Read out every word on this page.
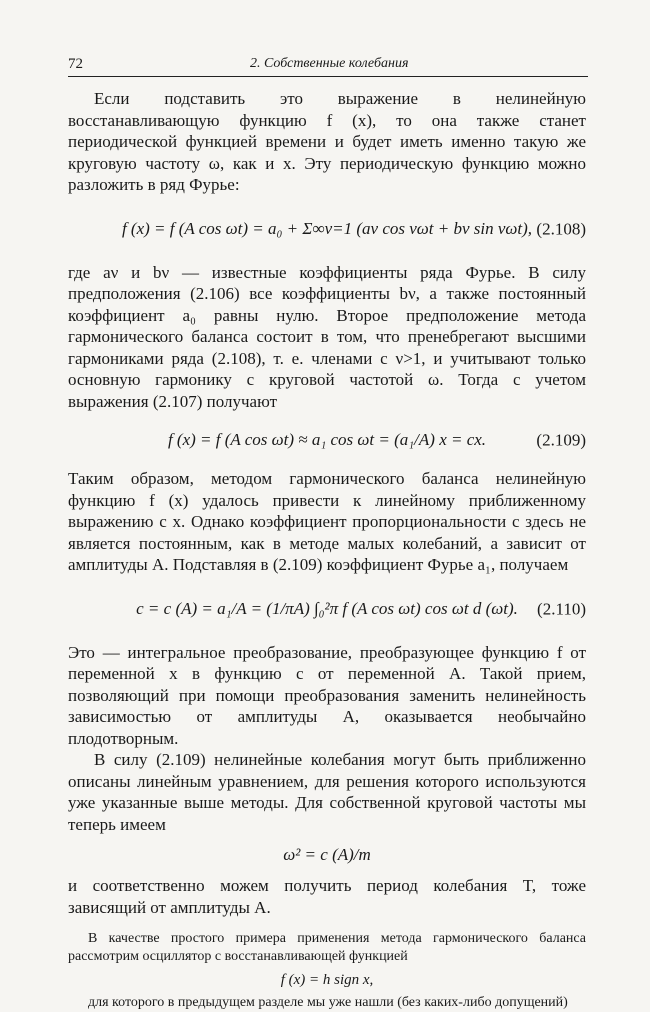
72	2. Собственные колебания

Если подставить это выражение в нелинейную восстанавливающую функцию f (x), то она также станет периодической функцией времени и будет иметь именно такую же круговую частоту ω, как и x. Эту периодическую функцию можно разложить в ряд Фурье:

f (x) = f (A cos ωt) = a₀ + Σ∞ν=1 (aν cos νωt + bν sin νωt), (2.108)

где aν и bν — известные коэффициенты ряда Фурье. В силу предположения (2.106) все коэффициенты bν, а также постоянный коэффициент a₀ равны нулю. Второе предположение метода гармонического баланса состоит в том, что пренебрегают высшими гармониками ряда (2.108), т. е. членами с ν>1, и учитывают только основную гармонику с круговой частотой ω. Тогда с учетом выражения (2.107) получают

f (x) = f (A cos ωt) ≈ a₁ cos ωt = (a₁/A) x = cx.	(2.109)

Таким образом, методом гармонического баланса нелинейную функцию f (x) удалось привести к линейному приближенному выражению с x. Однако коэффициент пропорциональности c здесь не является постоянным, как в методе малых колебаний, а зависит от амплитуды A. Подставляя в (2.109) коэффициент Фурье a₁, получаем

c = c (A) = a₁/A = (1/πA) ∫₀²π f (A cos ωt) cos ωt d (ωt). (2.110)

Это — интегральное преобразование, преобразующее функцию f от переменной x в функцию c от переменной A. Такой прием, позволяющий при помощи преобразования заменить нелинейность зависимостью от амплитуды A, оказывается необычайно плодотворным.

В силу (2.109) нелинейные колебания могут быть приближенно описаны линейным уравнением, для решения которого используются уже указанные выше методы. Для собственной круговой частоты мы теперь имеем

ω² = c (A)/m

и соответственно можем получить период колебания T, тоже зависящий от амплитуды A.

В качестве простого примера применения метода гармонического баланса рассмотрим осциллятор с восстанавливающей функцией

f (x) = h sign x,

для которого в предыдущем разделе мы уже нашли (без каких-либо допущений)
